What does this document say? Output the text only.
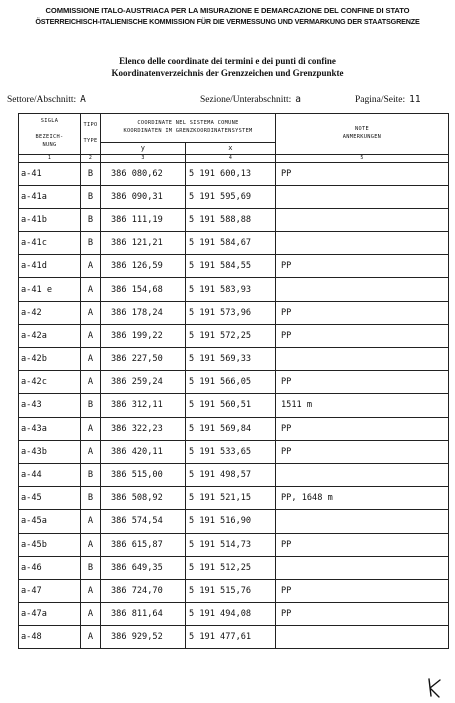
COMMISSIONE ITALO-AUSTRIACA PER LA MISURAZIONE E DEMARCAZIONE DEL CONFINE DI STATO
ÖSTERREICHISCH-ITALIENISCHE KOMMISSION FÜR DIE VERMESSUNG UND VERMARKUNG DER STAATSGRENZE
Elenco delle coordinate dei termini e dei punti di confine
Koordinatenverzeichnis der Grenzzeichen und Grenzpunkte
Settore/Abschnitt: A	Sezione/Unterabschnitt: a	Pagina/Seite: 11
SIGLA

BEZEICH-
NUNG	TIPO

TYPE	COORDINATE NEL SISTEMA COMUNE
KOORDINATEN IM GRENZKOORDINATENSYSTEM		NOTE
ANMERKUNGEN
		y	x	
1	2	3	4	5
a-41	B	386 080,62	5 191 600,13	PP
a-41a	B	386 090,31	5 191 595,69	
a-41b	B	386 111,19	5 191 588,88	
a-41c	B	386 121,21	5 191 584,67	
a-41d	A	386 126,59	5 191 584,55	PP
a-41 e	A	386 154,68	5 191 583,93	
a-42	A	386 178,24	5 191 573,96	PP
a-42a	A	386 199,22	5 191 572,25	PP
a-42b	A	386 227,50	5 191 569,33	
a-42c	A	386 259,24	5 191 566,05	PP
a-43	B	386 312,11	5 191 560,51	1511 m
a-43a	A	386 322,23	5 191 569,84	PP
a-43b	A	386 420,11	5 191 533,65	PP
a-44	B	386 515,00	5 191 498,57	
a-45	B	386 508,92	5 191 521,15	PP, 1648 m
a-45a	A	386 574,54	5 191 516,90	
a-45b	A	386 615,87	5 191 514,73	PP
a-46	B	386 649,35	5 191 512,25	
a-47	A	386 724,70	5 191 515,76	PP
a-47a	A	386 811,64	5 191 494,08	PP
a-48	A	386 929,52	5 191 477,61	
